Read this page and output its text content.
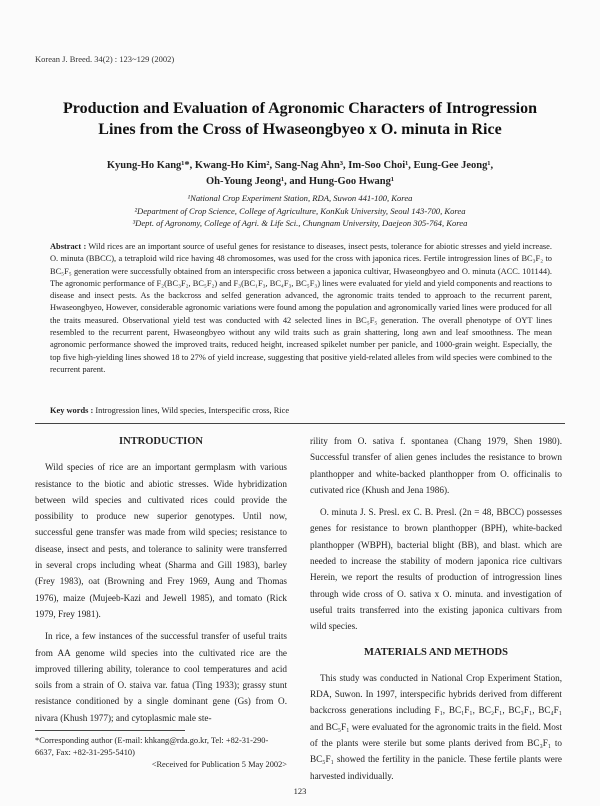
Korean J. Breed. 34(2) : 123~129 (2002)
Production and Evaluation of Agronomic Characters of Introgression
Lines from the Cross of Hwaseongbyeo x O. minuta in Rice
Kyung-Ho Kang¹*, Kwang-Ho Kim², Sang-Nag Ahn³, Im-Soo Choi¹, Eung-Gee Jeong¹,
Oh-Young Jeong¹, and Hung-Goo Hwang¹
¹National Crop Experiment Station, RDA, Suwon 441-100, Korea
²Department of Crop Science, College of Agriculture, KonKuk University, Seoul 143-700, Korea
³Dept. of Agronomy, College of Agri. & Life Sci., Chungnam University, Daejeon 305-764, Korea
Abstract : Wild rices are an important source of useful genes for resistance to diseases, insect pests, tolerance for abiotic stresses and yield increase. O. minuta (BBCC), a tetraploid wild rice having 48 chromosomes, was used for the cross with japonica rices. Fertile introgression lines of BC₃F₂ to BC₅F₅ generation were successfully obtained from an interspecific cross between a japonica cultivar, Hwaseongbyeo and O. minuta (ACC. 101144). The agronomic performance of F₂(BC₃F₂, BC₅F₂) and F₃(BC₁F₃, BC₄F₃, BC₅F₃) lines were evaluated for yield and yield components and reactions to disease and insect pests. As the backcross and selfed generation advanced, the agronomic traits tended to approach to the recurrent parent, Hwaseongbyeo, However, considerable agronomic variations were found among the population and agronomically varied lines were produced for all the traits measured. Observational yield test was conducted with 42 selected lines in BC₅F₅ generation. The overall phenotype of OYT lines resembled to the recurrent parent, Hwaseongbyeo without any wild traits such as grain shattering, long awn and leaf smoothness. The mean agronomic performance showed the improved traits, reduced height, increased spikelet number per panicle, and 1000-grain weight. Especially, the top five high-yielding lines showed 18 to 27% of yield increase, suggesting that positive yield-related alleles from wild species were combined to the recurrent parent.
Key words : Introgression lines, Wild species, Interspecific cross, Rice
INTRODUCTION

Wild species of rice are an important germplasm with various resistance to the biotic and abiotic stresses. Wide hybridization between wild species and cultivated rices could provide the possibility to produce new superior genotypes. Until now, successful gene transfer was made from wild species; resistance to disease, insect and pests, and tolerance to salinity were transferred in several crops including wheat (Sharma and Gill 1983), barley (Frey 1983), oat (Browning and Frey 1969, Aung and Thomas 1976), maize (Mujeeb-Kazi and Jewell 1985), and tomato (Rick 1979, Frey 1981).

In rice, a few instances of the successful transfer of useful traits from AA genome wild species into the cultivated rice are the improved tillering ability, tolerance to cool temperatures and acid soils from a strain of O. staiva var. fatua (Ting 1933); grassy stunt resistance conditioned by a single dominant gene (Gs) from O. nivara (Khush 1977); and cytoplasmic male ste-

rility from O. sativa f. spontanea (Chang 1979, Shen 1980). Successful transfer of alien genes includes the resistance to brown planthopper and white-backed planthopper from O. officinalis to cutivated rice (Khush and Jena 1986).

O. minuta J. S. Presl. ex C. B. Presl. (2n = 48, BBCC) possesses genes for resistance to brown planthopper (BPH), white-backed planthopper (WBPH), bacterial blight (BB), and blast. which are needed to increase the stability of modern japonica rice cultivars Herein, we report the results of production of introgression lines through wide cross of O. sativa x O. minuta. and investigation of useful traits transferred into the existing japonica cultivars from wild species.

MATERIALS AND METHODS

This study was conducted in National Crop Experiment Station, RDA, Suwon. In 1997, interspecific hybrids derived from different backcross generations including F₁, BC₁F₁, BC₂F₁, BC₃F₁, BC₄F₁ and BC₅F₁ were evaluated for the agronomic traits in the field. Most of the plants were sterile but some plants derived from BC₃F₁ to BC₅F₁ showed the fertility in the panicle. These fertile plants were harvested individually.

*Corresponding author (E-mail: khkang@rda.go.kr, Tel: +82-31-290-6637, Fax: +82-31-295-5410)
<Received for Publication 5 May 2002>
123
